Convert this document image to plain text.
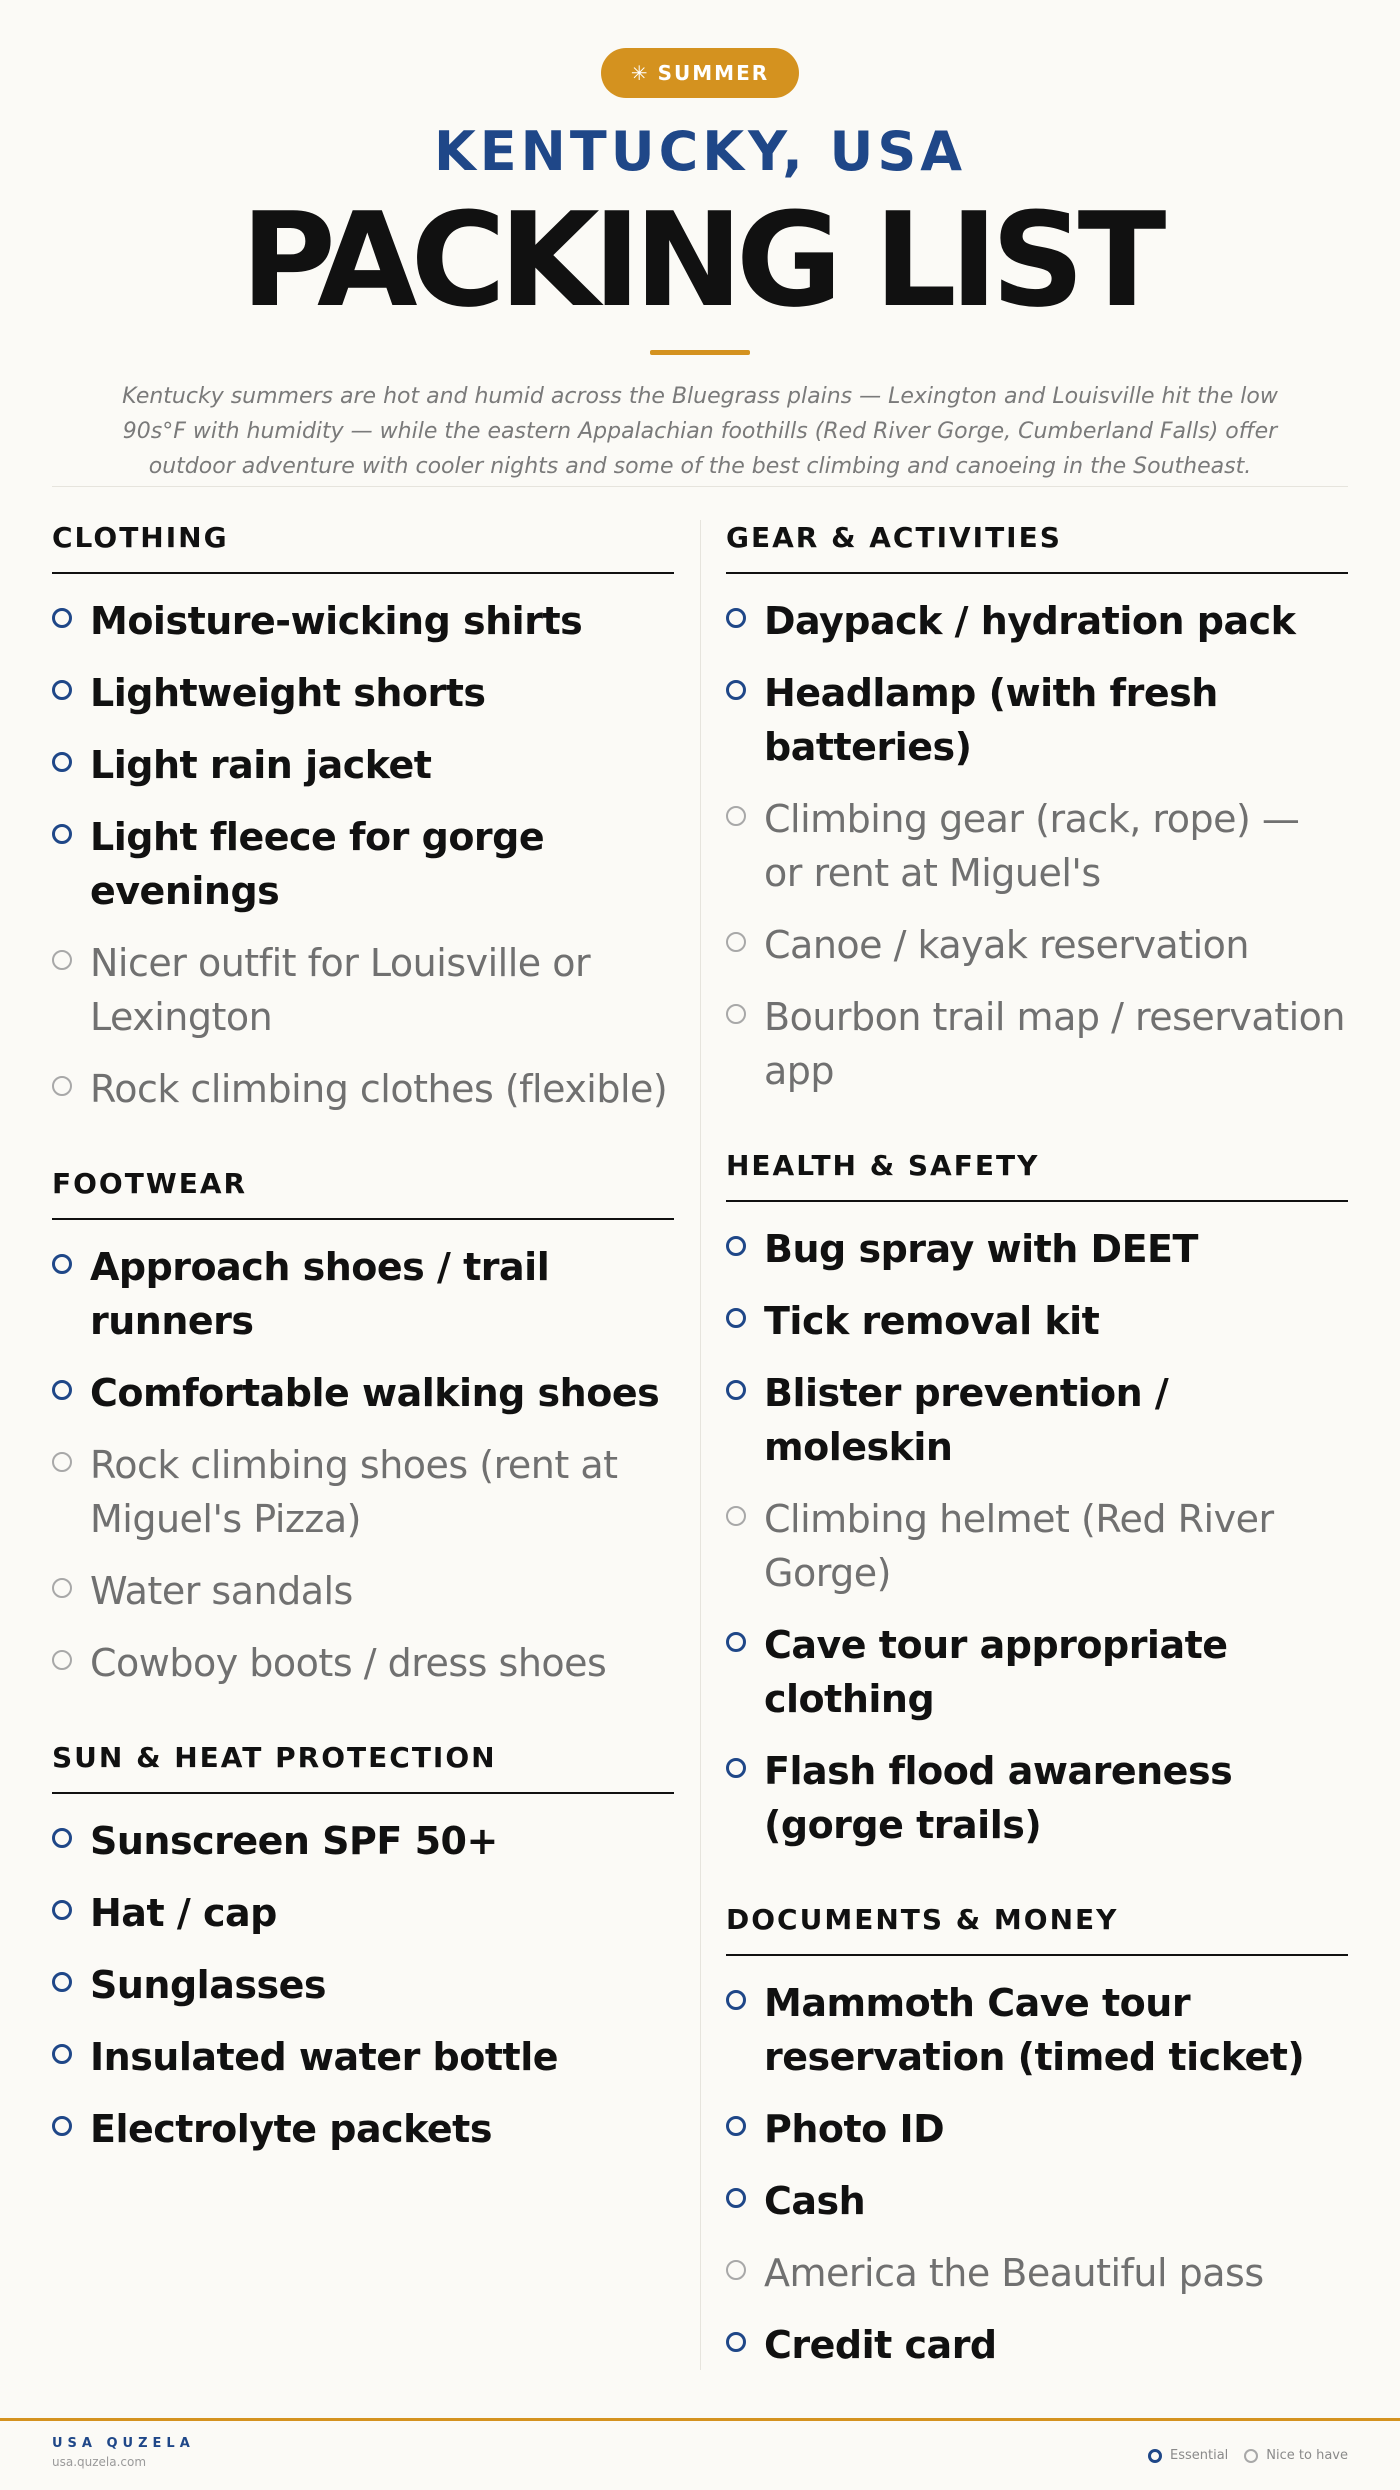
✳ SUMMER
KENTUCKY, USA
PACKING LIST

Kentucky summers are hot and humid across the Bluegrass plains — Lexington and Louisville hit the low 90s°F with humidity — while the eastern Appalachian foothills (Red River Gorge, Cumberland Falls) offer outdoor adventure with cooler nights and some of the best climbing and canoeing in the Southeast.

CLOTHING
Moisture-wicking shirts
Lightweight shorts
Light rain jacket
Light fleece for gorge evenings
Nicer outfit for Louisville or Lexington
Rock climbing clothes (flexible)
FOOTWEAR
Approach shoes / trail runners
Comfortable walking shoes
Rock climbing shoes (rent at Miguel's Pizza)
Water sandals
Cowboy boots / dress shoes
SUN & HEAT PROTECTION
Sunscreen SPF 50+
Hat / cap
Sunglasses
Insulated water bottle
Electrolyte packets
GEAR & ACTIVITIES
Daypack / hydration pack
Headlamp (with fresh batteries)
Climbing gear (rack, rope) — or rent at Miguel's
Canoe / kayak reservation
Bourbon trail map / reservation app
HEALTH & SAFETY
Bug spray with DEET
Tick removal kit
Blister prevention / moleskin
Climbing helmet (Red River Gorge)
Cave tour appropriate clothing
Flash flood awareness (gorge trails)
DOCUMENTS & MONEY
Mammoth Cave tour reservation (timed ticket)
Photo ID
Cash
America the Beautiful pass
Credit card
USA QUZELA
usa.quzela.com	Essential	Nice to have
